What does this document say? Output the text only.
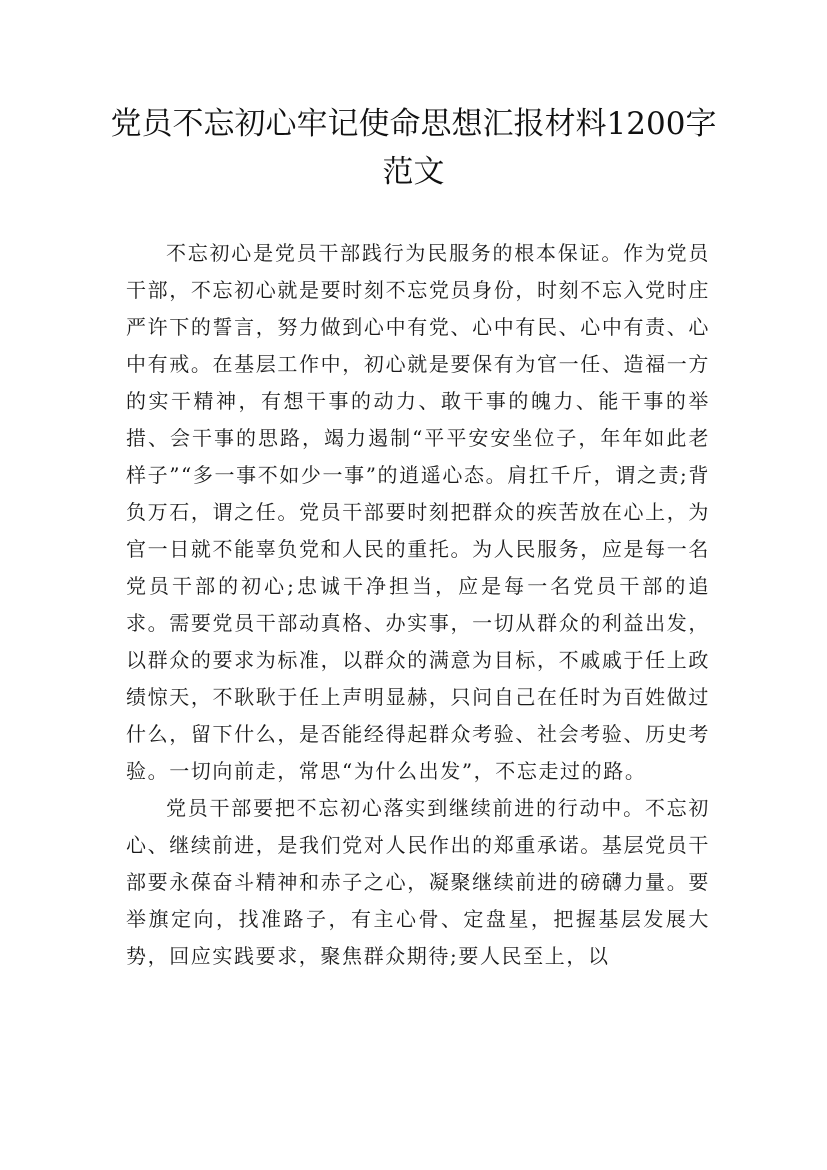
党员不忘初心牢记使命思想汇报材料1200字范文

不忘初心是党员干部践行为民服务的根本保证。作为党员干部，不忘初心就是要时刻不忘党员身份，时刻不忘入党时庄严许下的誓言，努力做到心中有党、心中有民、心中有责、心中有戒。在基层工作中，初心就是要保有为官一任、造福一方的实干精神，有想干事的动力、敢干事的魄力、能干事的举措、会干事的思路，竭力遏制“平平安安坐位子，年年如此老样子”“多一事不如少一事”的逍遥心态。肩扛千斤，谓之责;背负万石，谓之任。党员干部要时刻把群众的疾苦放在心上，为官一日就不能辜负党和人民的重托。为人民服务，应是每一名党员干部的初心;忠诚干净担当，应是每一名党员干部的追求。需要党员干部动真格、办实事，一切从群众的利益出发，以群众的要求为标准，以群众的满意为目标，不戚戚于任上政绩惊天，不耿耿于任上声明显赫，只问自己在任时为百姓做过什么，留下什么，是否能经得起群众考验、社会考验、历史考验。一切向前走，常思“为什么出发”，不忘走过的路。

党员干部要把不忘初心落实到继续前进的行动中。不忘初心、继续前进，是我们党对人民作出的郑重承诺。基层党员干部要永葆奋斗精神和赤子之心，凝聚继续前进的磅礴力量。要举旗定向，找准路子，有主心骨、定盘星，把握基层发展大势，回应实践要求，聚焦群众期待;要人民至上，以
